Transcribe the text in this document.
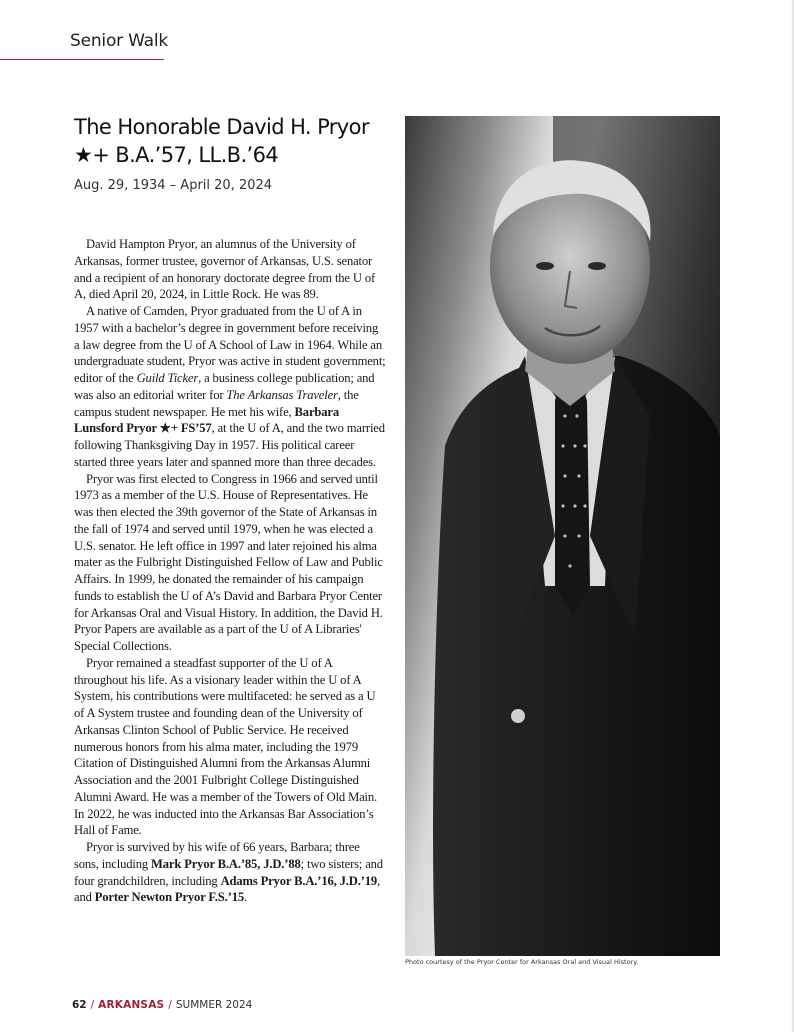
Senior Walk
The Honorable David H. Pryor
★+ B.A.’57, LL.B.’64
Aug. 29, 1934 – April 20, 2024

David Hampton Pryor, an alumnus of the University of Arkansas, former trustee, governor of Arkansas, U.S. senator and a recipient of an honorary doctorate degree from the U of A, died April 20, 2024, in Little Rock. He was 89.

A native of Camden, Pryor graduated from the U of A in 1957 with a bachelor’s degree in government before receiving a law degree from the U of A School of Law in 1964. While an undergraduate student, Pryor was active in student government; editor of the Guild Ticker, a business college publication; and was also an editorial writer for The Arkansas Traveler, the campus student newspaper. He met his wife, Barbara Lunsford Pryor ★+ FS’57, at the U of A, and the two married following Thanksgiving Day in 1957. His political career started three years later and spanned more than three decades.

Pryor was first elected to Congress in 1966 and served until 1973 as a member of the U.S. House of Representatives. He was then elected the 39th governor of the State of Arkansas in the fall of 1974 and served until 1979, when he was elected a U.S. senator. He left office in 1997 and later rejoined his alma mater as the Fulbright Distinguished Fellow of Law and Public Affairs. In 1999, he donated the remainder of his campaign funds to establish the U of A’s David and Barbara Pryor Center for Arkansas Oral and Visual History. In addition, the David H. Pryor Papers are available as a part of the U of A Libraries' Special Collections.

Pryor remained a steadfast supporter of the U of A throughout his life. As a visionary leader within the U of A System, his contributions were multifaceted: he served as a U of A System trustee and founding dean of the University of Arkansas Clinton School of Public Service. He received numerous honors from his alma mater, including the 1979 Citation of Distinguished Alumni from the Arkansas Alumni Association and the 2001 Fulbright College Distinguished Alumni Award. He was a member of the Towers of Old Main. In 2022, he was inducted into the Arkansas Bar Association’s Hall of Fame.

Pryor is survived by his wife of 66 years, Barbara; three sons, including Mark Pryor B.A.’85, J.D.’88; two sisters; and four grandchildren, including Adams Pryor B.A.’16, J.D.’19, and Porter Newton Pryor F.S.’15.

Photo courtesy of the Pryor Center for Arkansas Oral and Visual History.
62 / ARKANSAS / SUMMER 2024
